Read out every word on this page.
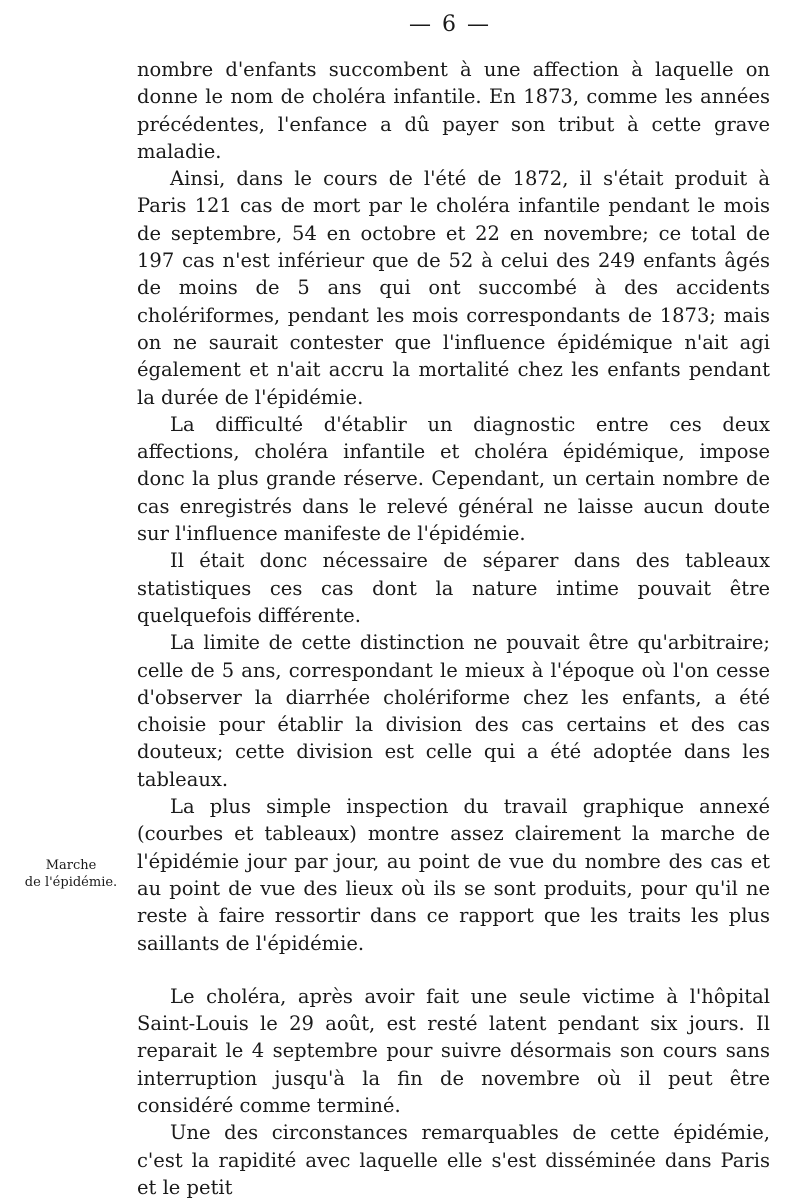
— 6 —
Marche
de l'épidémie.

nombre d'enfants succombent à une affection à laquelle on donne le nom de choléra infantile. En 1873, comme les années précédentes, l'enfance a dû payer son tribut à cette grave maladie.

Ainsi, dans le cours de l'été de 1872, il s'était produit à Paris 121 cas de mort par le choléra infantile pendant le mois de septembre, 54 en octobre et 22 en novembre; ce total de 197 cas n'est inférieur que de 52 à celui des 249 enfants âgés de moins de 5 ans qui ont succombé à des accidents cholériformes, pendant les mois correspondants de 1873; mais on ne saurait contester que l'influence épidémique n'ait agi également et n'ait accru la mortalité chez les enfants pendant la durée de l'épidémie.

La difficulté d'établir un diagnostic entre ces deux affections, choléra infantile et choléra épidémique, impose donc la plus grande réserve. Cependant, un certain nombre de cas enregistrés dans le relevé général ne laisse aucun doute sur l'influence manifeste de l'épidémie.

Il était donc nécessaire de séparer dans des tableaux statistiques ces cas dont la nature intime pouvait être quelquefois différente.

La limite de cette distinction ne pouvait être qu'arbitraire; celle de 5 ans, correspondant le mieux à l'époque où l'on cesse d'observer la diarrhée cholériforme chez les enfants, a été choisie pour établir la division des cas certains et des cas douteux; cette division est celle qui a été adoptée dans les tableaux.

La plus simple inspection du travail graphique annexé (courbes et tableaux) montre assez clairement la marche de l'épidémie jour par jour, au point de vue du nombre des cas et au point de vue des lieux où ils se sont produits, pour qu'il ne reste à faire ressortir dans ce rapport que les traits les plus saillants de l'épidémie.

Le choléra, après avoir fait une seule victime à l'hôpital Saint-Louis le 29 août, est resté latent pendant six jours. Il reparait le 4 septembre pour suivre désormais son cours sans interruption jusqu'à la fin de novembre où il peut être considéré comme terminé.

Une des circonstances remarquables de cette épidémie, c'est la rapidité avec laquelle elle s'est disséminée dans Paris et le petit
